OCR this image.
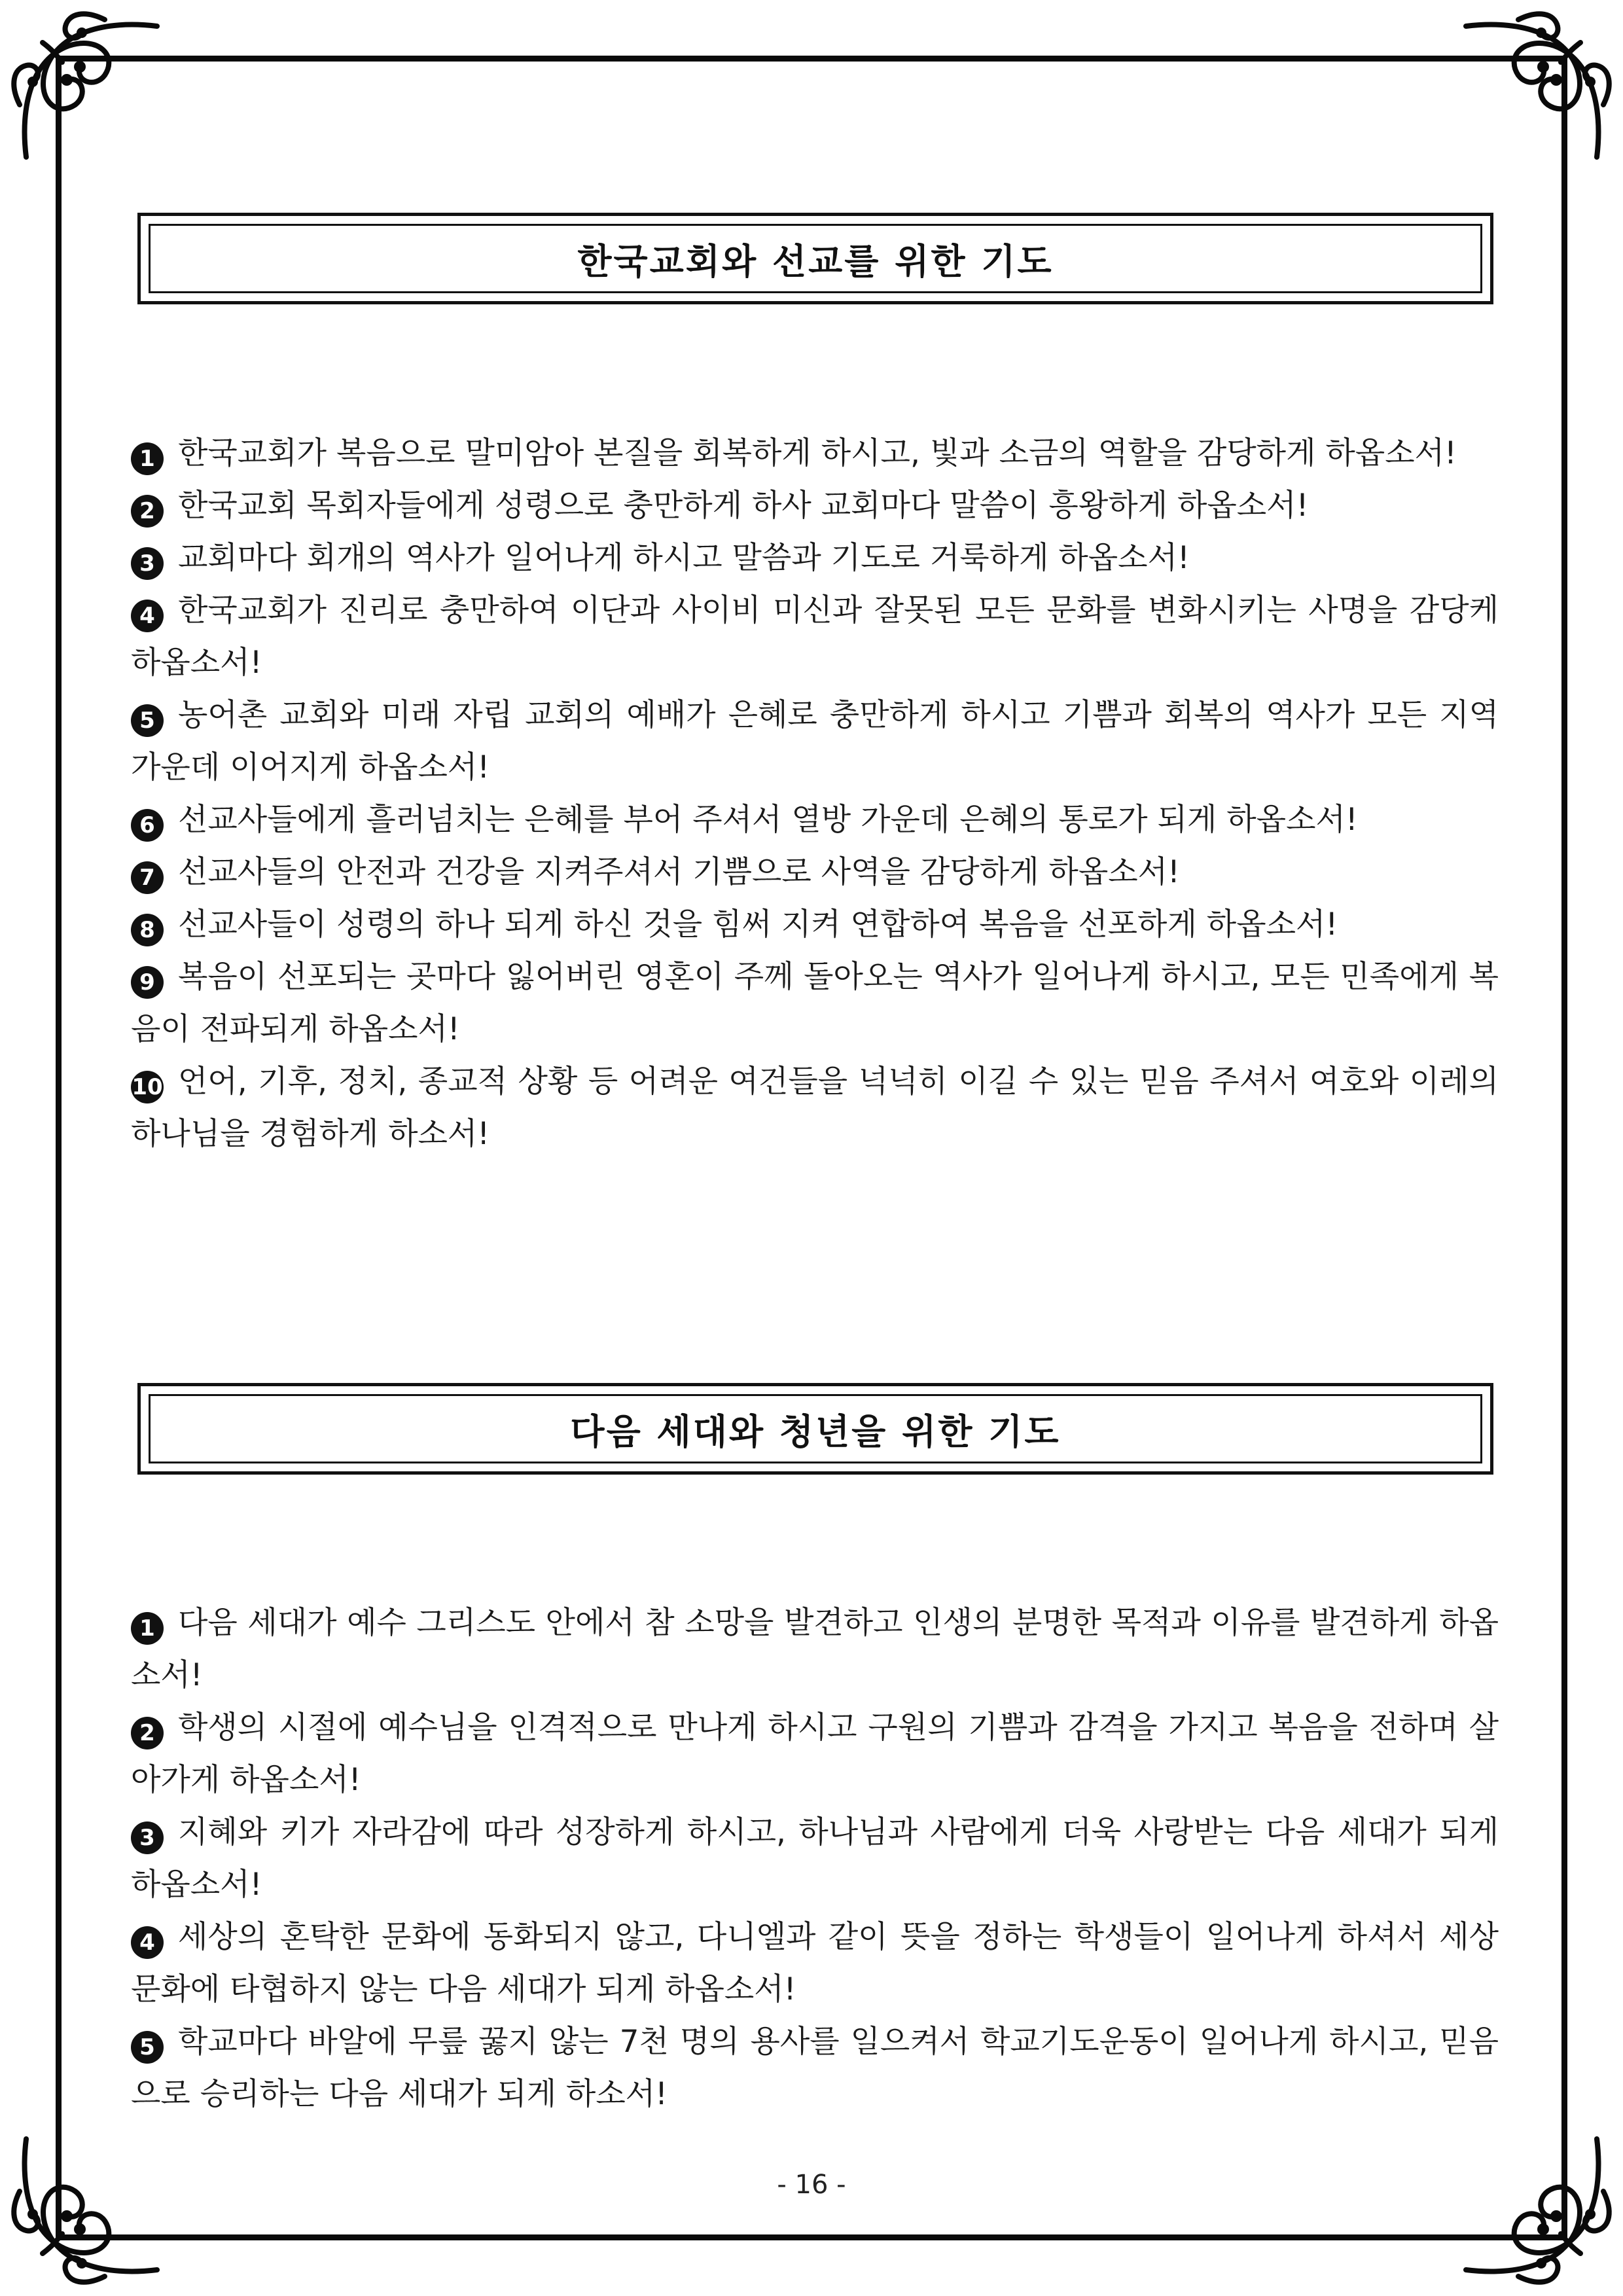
한국교회와 선교를 위한 기도

1 한국교회가 복음으로 말미암아 본질을 회복하게 하시고, 빛과 소금의 역할을 감당하게 하옵소서!

2 한국교회 목회자들에게 성령으로 충만하게 하사 교회마다 말씀이 흥왕하게 하옵소서!

3 교회마다 회개의 역사가 일어나게 하시고 말씀과 기도로 거룩하게 하옵소서!

4 한국교회가 진리로 충만하여 이단과 사이비 미신과 잘못된 모든 문화를 변화시키는 사명을 감당케 하옵소서!

5 농어촌 교회와 미래 자립 교회의 예배가 은혜로 충만하게 하시고 기쁨과 회복의 역사가 모든 지역 가운데 이어지게 하옵소서!

6 선교사들에게 흘러넘치는 은혜를 부어 주셔서 열방 가운데 은혜의 통로가 되게 하옵소서!

7 선교사들의 안전과 건강을 지켜주셔서 기쁨으로 사역을 감당하게 하옵소서!

8 선교사들이 성령의 하나 되게 하신 것을 힘써 지켜 연합하여 복음을 선포하게 하옵소서!

9 복음이 선포되는 곳마다 잃어버린 영혼이 주께 돌아오는 역사가 일어나게 하시고, 모든 민족에게 복음이 전파되게 하옵소서!

10 언어, 기후, 정치, 종교적 상황 등 어려운 여건들을 넉넉히 이길 수 있는 믿음 주셔서 여호와 이레의 하나님을 경험하게 하소서!

다음 세대와 청년을 위한 기도

1 다음 세대가 예수 그리스도 안에서 참 소망을 발견하고 인생의 분명한 목적과 이유를 발견하게 하옵소서!

2 학생의 시절에 예수님을 인격적으로 만나게 하시고 구원의 기쁨과 감격을 가지고 복음을 전하며 살아가게 하옵소서!

3 지혜와 키가 자라감에 따라 성장하게 하시고, 하나님과 사람에게 더욱 사랑받는 다음 세대가 되게 하옵소서!

4 세상의 혼탁한 문화에 동화되지 않고, 다니엘과 같이 뜻을 정하는 학생들이 일어나게 하셔서 세상 문화에 타협하지 않는 다음 세대가 되게 하옵소서!

5 학교마다 바알에 무릎 꿇지 않는 7천 명의 용사를 일으켜서 학교기도운동이 일어나게 하시고, 믿음으로 승리하는 다음 세대가 되게 하소서!

- 16 -
